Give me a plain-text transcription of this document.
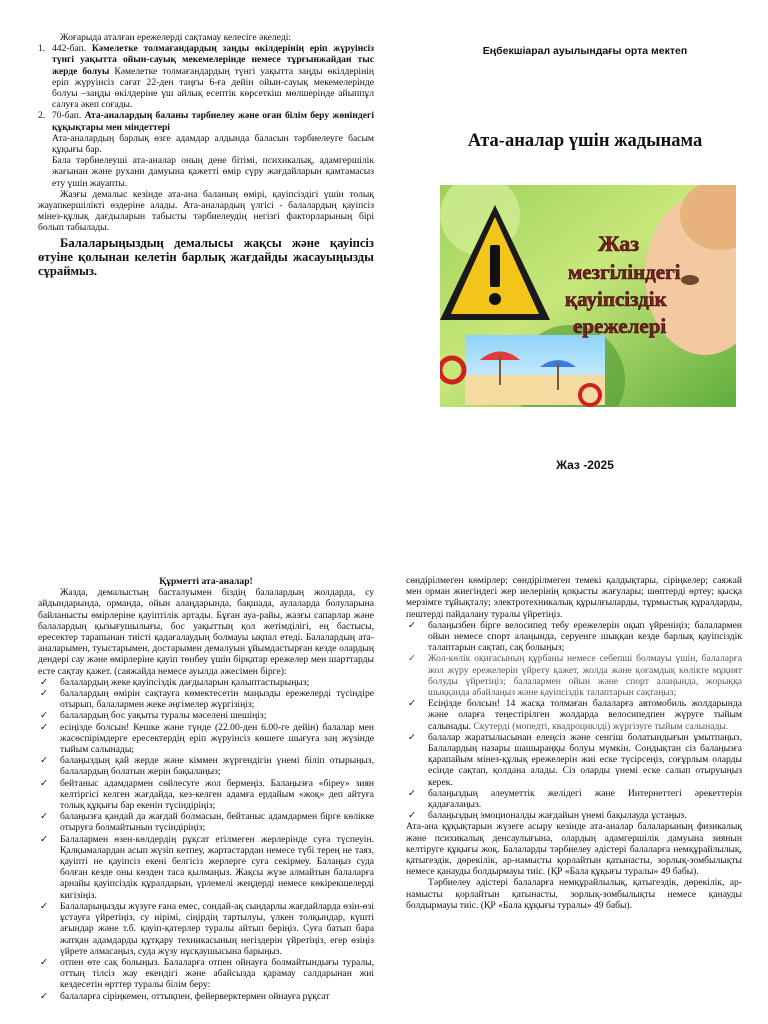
Жоғарыда аталған ережелерді сақтамау келесіге әкеледі:

1. 442-бап. Кәмелетке толмағандардың заңды өкілдерінің еріп жүруінсіз түнгі уақытта ойын-сауық мекемелерінде немесе тұрғынжайдан тыс жерде болуы Кәмелетке толмағандардың түнгі уақытта заңды өкілдерінің еріп жүруінсіз сағат 22-ден таңғы 6-ға дейін ойын-сауық мекемелерінде болуы –заңды өкілдеріне үш айлық есептік көрсеткіш мөлшерінде айыппұл салуға әкеп соғады.
2. 70-бап. Ата-аналардың баланы тәрбиелеу және оған білім беру жөніндегі құқықтары мен міндеттері

Ата-аналардың барлық өзге адамдар алдында баласын тәрбиелеуге басым құқығы бар.

Бала тәрбиелеуші ата-аналар оның дене бітімі, психикалық, адамгершілік жағынан және рухани дамуына қажетті өмір сүру жағдайларын қамтамасыз ету үшін жауапты.

Жазғы демалыс кезінде ата-ана баланың өмірі, қауіпсіздігі үшін толық жауапкершілікті өздеріне алады. Ата-аналардың үлгісі - балалардың қауіпсіз мінез-құлық дағдыларын табысты тәрбиелеудің негізгі факторларының бірі болып табылады.

Балаларыңыздың демалысы жақсы және қауіпсіз өтуіне қолынан келетін барлық жағдайды жасауыңызды сұраймыз.

Еңбекшіарал ауылындағы орта мектеп
Ата-аналар үшін жадынама
Жаз
мезгіліндегі
қауіпсіздік
ережелері
Жаз -2025

Құрметті ата-аналар!

Жазда, демалыстың басталуымен біздің балалардың жолдарда, су айдындарында, орманда, ойын алаңдарында, бақшада, аулаларда болуларына байланысты өмірлеріне қауіптілік артады. Бұған ауа-райы, жазғы сапарлар және балалардың қызығушылығы, бос уақыттың қол жетімділігі, ең бастысы, ересектер тарапынан тиісті қадағалаудың болмауы ықпал етеді. Балалардың ата-аналарымен, туыстарымен, достарымен демалуын ұйымдастырған кезде олардың дендері сау және өмірлеріне қауіп төнбеу үшін бірқатар ережелер мен шарттарды есте сақтау қажет. (саяжайда немесе ауылда әжесімен бірге):

✓	балалардың жеке қауіпсіздік дағдыларын қалыптастырыңыз;
✓	балалардың өмірін сақтауға көмектесетін маңызды ережелерді түсіндіре отырып, балалармен жеке әңгімелер жүргізіңіз;
✓	балалардың бос уақыты туралы мәселені шешіңіз;
✓	есіңізде болсын! Кешке және түнде (22.00-ден 6.00-ге дейін) балалар мен жасөспірімдерге ересектердің еріп жүруінсіз көшеге шығуға заң жүзінде тыйым салынады;
✓	балаңыздың қай жерде және кіммен жүргендігін үнемі біліп отырыңыз, балалардың болатын жерін бақылаңыз;
✓	бейтаныс адамдармен сөйлесуге жол бермеңіз. Балаңызға «біреу» зиян келтіргісі келген жағдайда, кез-келген адамға ердайым «жоқ» деп айтуға толық құқығы бар екенін түсіндіріңіз;
✓	балаңызға қандай да жағдай болмасын, бейтаныс адамдармен бірге көлікке отыруға болмайтынын түсіндіріңіз;
✓	Балалармен өзен-көлдердің рұқсат етілмеген жерлерінде суға түспеуін. Қалқымалардан асып жүзіп кетпеу, жартастардан немесе түбі терең не таяз, қауіпті не қауіпсіз екені белгісіз жерлерге суға секірмеу. Балаңыз суда болған кезде оны көзден таса қылмаңыз. Жақсы жүзе алмайтын балаларға арнайы қауіпсіздік құралдарын, үрлемелі жеңдерді немесе көкірекшелерді кигізіңіз.
✓	Балаларыңызды жүзуге ғана емес, сондай-ақ сындарлы жағдайларда өзін-өзі ұстауға үйретіңіз, су иірімі, сіңірдің тартылуы, үлкен толқындар, күшті ағындар және т.б. қауіп-қатерлер туралы айтып беріңіз. Суға батып бара жатқан адамдарды құтқару техникасының негіздерін үйретіңіз, егер өзіңіз үйрете алмасаңыз, суда жүзу нұсқаушысына барыңыз.
✓	отпен өте сақ болыңыз. Балаларға отпен ойнауға болмайтындығы туралы, оттың тілсіз жау екендігі және абайсызда қарамау салдарынан жиі кездесетін өрттер туралы білім беру:
✓	балаларға сіріңкемен, оттықпен, фейерверктермен ойнауға рұқсат

сөндірілмеген көмірлер; сөндірілмеген темекі қалдықтары, сіріңкелер; саяжай мен орман жиегіндегі жер иелерінің қоқысты жағулары; шөптерді өртеу; қысқа мерзімге тұйықталу; электротехникалық құрылғыларды, тұрмыстық құралдарды, пештерді пайдалану туралы үйретіңіз.

✓	балаңызбен бірге велосипед тебу ережелерін оқып үйреніңіз; балалармен ойын немесе спорт алаңында, серуенге шыққан кезде барлық қауіпсіздік талаптарын сақтап, сақ болыңыз;
✓	Жол-көлік оқиғасының құрбаны немесе себепші болмауы үшін, балаларға жол жүру ережелерін үйрету қажет, жолда және қоғамдық көлікте мұқият болуды үйретіңіз; балалармен ойын және спорт алаңында, жорыққа шыққанда абайлаңыз және қауіпсіздік талаптарын сақтаңыз;
✓	Есіңізде болсын! 14 жасқа толмаған балаларға автомобиль жолдарында және оларға теңестірілген жолдарда велосипедпен жүруге тыйым салынады. Скутерді (мопедті, квадроциклді) жүргізуге тыйым салынады.
✓	балалар жаратылысынан елеңсіз және сенгіш болатындығын ұмытпаңыз. Балалардың назары шашыраңқы болуы мүмкін. Сондықтан сіз балаңызға қарапайым мінез-құлық ережелерін жиі еске түсірсеңіз, соғұрлым оларды есінде сақтап, қолдана алады. Сіз оларды үнемі еске салып отыруыңыз керек.
✓	балаңыздың әлеуметтік желідегі және Интернеттегі әрекеттерін қадағалаңыз.
✓	балаңыздың эмоционалды жағдайын үнемі бақылауда ұстаңыз.

Ата-ана құқықтарын жүзеге асыру кезінде ата-аналар балаларының физикалық және психикалық денсаулығына, олардың адамгершілік дамуына зиянын келтіруге құқығы жоқ. Балаларды тәрбиелеу әдістері балаларға немқұрайлылық, қатыгездік, дөрекілік, ар-намысты қорлайтын қатынасты, зорлық-зомбылықты немесе қанауды болдырмауы тиіс. (ҚР «Бала құқығы туралы» 49 бабы).

Тәрбиелеу әдістері балаларға немқұрайлылық, қатыгездік, дөрекілік, ар-намысты қорлайтын қатынасты, зорлық-зомбылықты немесе қанауды болдырмауы тиіс. (ҚР «Бала құқығы туралы» 49 бабы).
